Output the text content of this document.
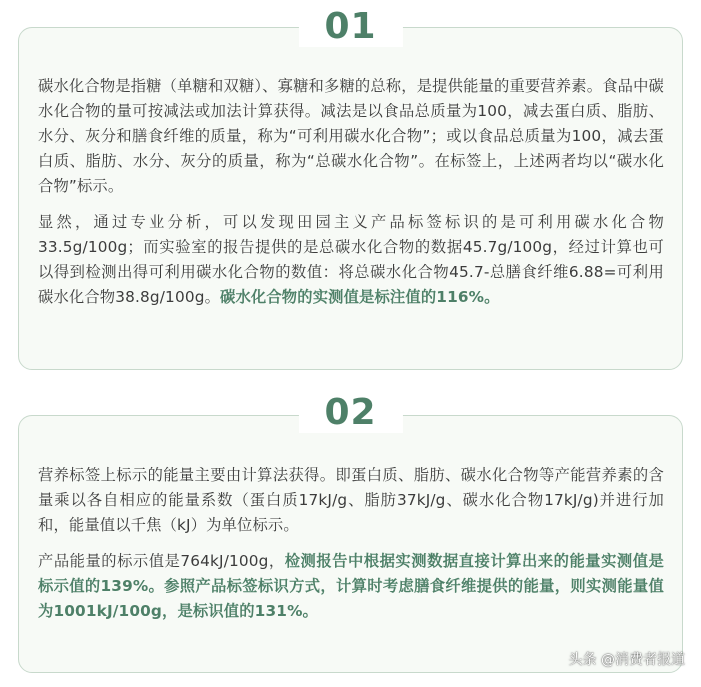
01

碳水化合物是指糖（单糖和双糖）、寡糖和多糖的总称，是提供能量的重要营养素。食品中碳水化合物的量可按减法或加法计算获得。减法是以食品总质量为100，减去蛋白质、脂肪、水分、灰分和膳食纤维的质量，称为“可利用碳水化合物”；或以食品总质量为100，减去蛋白质、脂肪、水分、灰分的质量，称为“总碳水化合物”。在标签上，上述两者均以“碳水化合物”标示。

显然，通过专业分析，可以发现田园主义产品标签标识的是可利用碳水化合物33.5g/100g；而实验室的报告提供的是总碳水化合物的数据45.7g/100g，经过计算也可以得到检测出得可利用碳水化合物的数值：将总碳水化合物45.7-总膳食纤维6.88=可利用碳水化合物38.8g/100g。碳水化合物的实测值是标注值的116%。

02

营养标签上标示的能量主要由计算法获得。即蛋白质、脂肪、碳水化合物等产能营养素的含量乘以各自相应的能量系数（蛋白质17kJ/g、脂肪37kJ/g、碳水化合物17kJ/g)并进行加和，能量值以千焦（kJ）为单位标示。

产品能量的标示值是764kJ/100g，检测报告中根据实测数据直接计算出来的能量实测值是标示值的139%。参照产品标签标识方式，计算时考虑膳食纤维提供的能量，则实测能量值为1001kJ/100g，是标识值的131%。

头条 @消费者报道
